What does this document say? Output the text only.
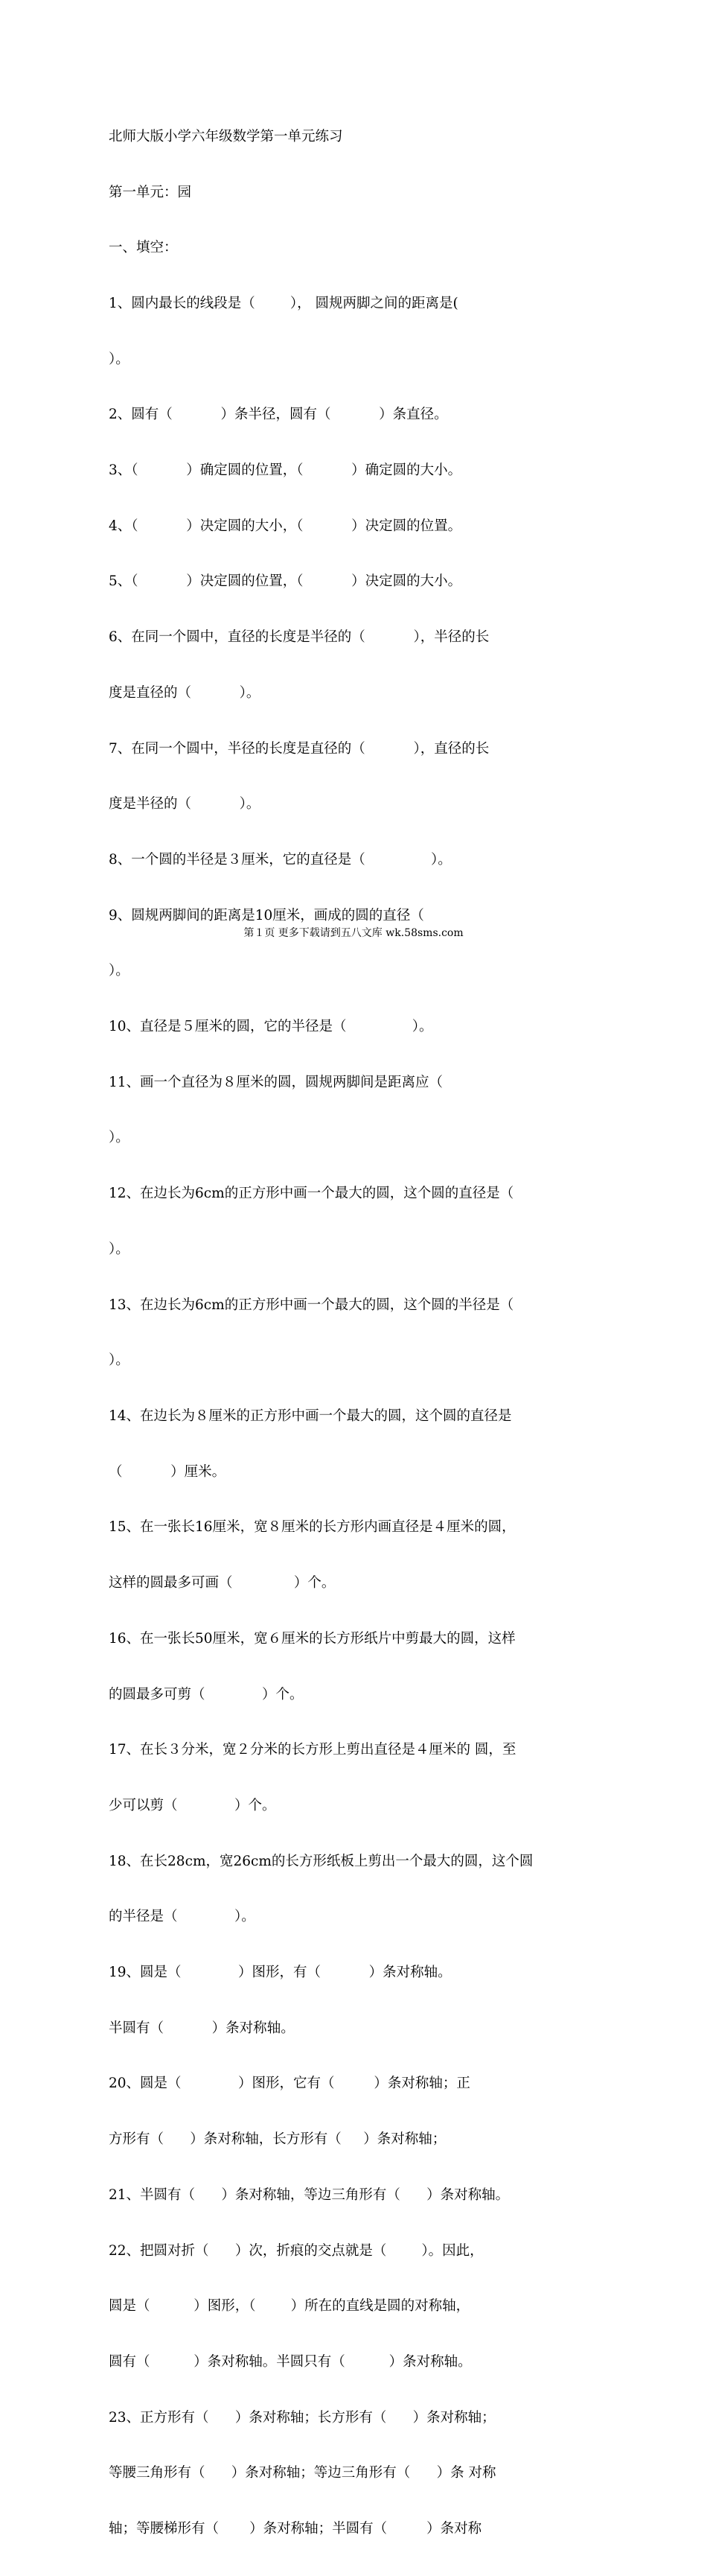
北师大版小学六年级数学第一单元练习

第一单元：园

一、填空：

1、圆内最长的线段是（        ）， 圆规两脚之间的距离是(

）。

2、圆有（           ）条半径，圆有（           ）条直径。

3、（           ）确定圆的位置，（           ）确定圆的大小。

4、（           ）决定圆的大小，（           ）决定圆的位置。

5、（           ）决定圆的位置，（           ）决定圆的大小。

6、在同一个圆中，直径的长度是半径的（           ），半径的长

度是直径的（           ）。

7、在同一个圆中，半径的长度是直径的（           ），直径的长

度是半径的（           ）。

8、一个圆的半径是３厘米，它的直径是（               ）。

9、圆规两脚间的距离是10厘米，画成的圆的直径（

）。

10、直径是５厘米的圆，它的半径是（               ）。

11、画一个直径为８厘米的圆，圆规两脚间是距离应（

）。

12、在边长为6cm的正方形中画一个最大的圆，这个圆的直径是（

）。

13、在边长为6cm的正方形中画一个最大的圆，这个圆的半径是（

）。

14、在边长为８厘米的正方形中画一个最大的圆，这个圆的直径是

（           ）厘米。

15、在一张长16厘米，宽８厘米的长方形内画直径是４厘米的圆，

这样的圆最多可画（              ）个。

16、在一张长50厘米，宽６厘米的长方形纸片中剪最大的圆，这样

的圆最多可剪（             ）个。

17、在长３分米，宽２分米的长方形上剪出直径是４厘米的 圆，至

少可以剪（             ）个。

18、在长28cm，宽26cm的长方形纸板上剪出一个最大的圆，这个圆

的半径是（             ）。

19、圆是（             ）图形，有（           ）条对称轴。

半圆有（           ）条对称轴。

20、圆是（             ）图形，它有（         ）条对称轴；正

方形有（      ）条对称轴，长方形有（     ）条对称轴；

21、半圆有（      ）条对称轴，等边三角形有（      ）条对称轴。

22、把圆对折（      ）次，折痕的交点就是（        ）。因此，

圆是（          ）图形，（        ）所在的直线是圆的对称轴，

圆有（          ）条对称轴。半圆只有（          ）条对称轴。

23、正方形有（      ）条对称轴；长方形有（      ）条对称轴；

等腰三角形有（      ）条对称轴；等边三角形有（      ）条 对称

轴；等腰梯形有（       ）条对称轴；半圆有（         ）条对称

第１页 更多下载请到五八文库 wk.58sms.com
